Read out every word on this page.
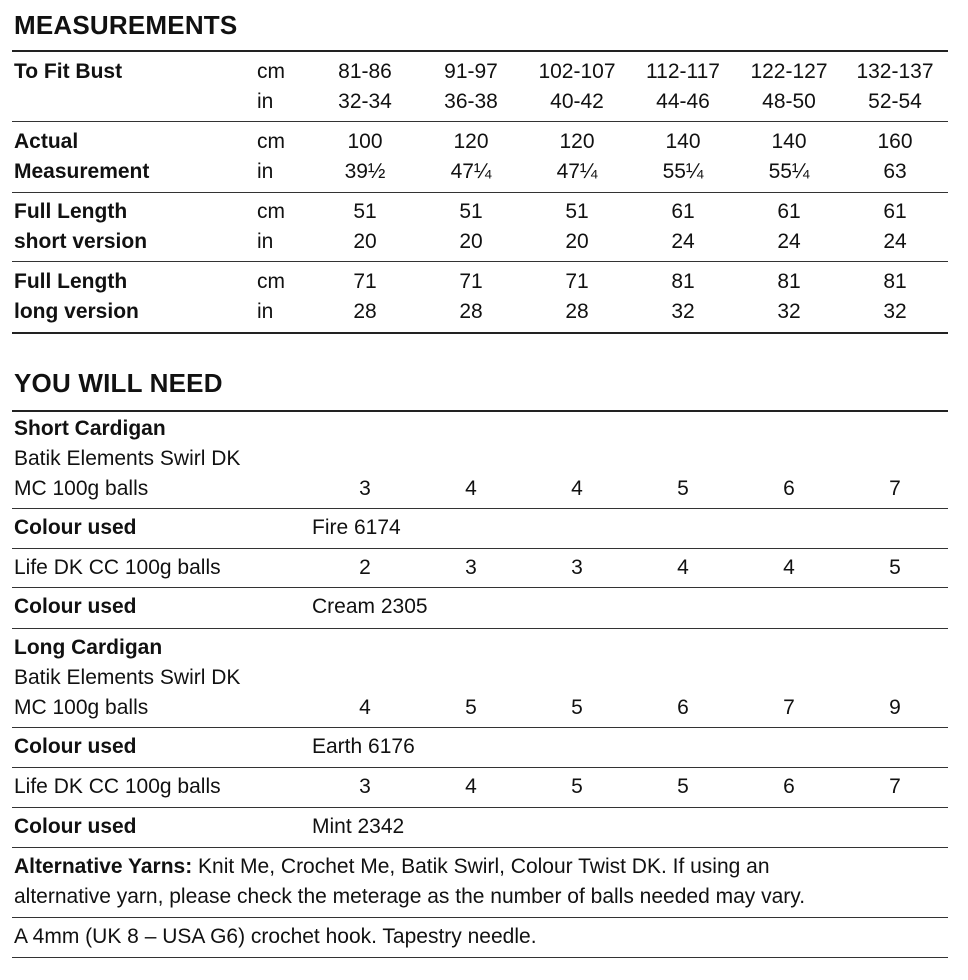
MEASUREMENTS
To Fit Bust	cm	81-86	91-97	102-107	112-117	122-127	132-137
in	32-34	36-38	40-42	44-46	48-50	52-54
Actual	cm	100	120	120	140	140	160
Measurement	in	39½	47¼	47¼	55¼	55¼	63
Full Length	cm	51	51	51	61	61	61
short version	in	20	20	20	24	24	24
Full Length	cm	71	71	71	81	81	81
long version	in	28	28	28	32	32	32
YOU WILL NEED
Short Cardigan
Batik Elements Swirl DK
MC 100g balls	3	4	4	5	6	7
Colour used	Fire 6174
Life DK CC 100g balls	2	3	3	4	4	5
Colour used	Cream 2305
Long Cardigan
Batik Elements Swirl DK
MC 100g balls	4	5	5	6	7	9
Colour used	Earth 6176
Life DK CC 100g balls	3	4	5	5	6	7
Colour used	Mint 2342
Alternative Yarns: Knit Me, Crochet Me, Batik Swirl, Colour Twist DK. If using an
alternative yarn, please check the meterage as the number of balls needed may vary.
A 4mm (UK 8 – USA G6) crochet hook. Tapestry needle.
